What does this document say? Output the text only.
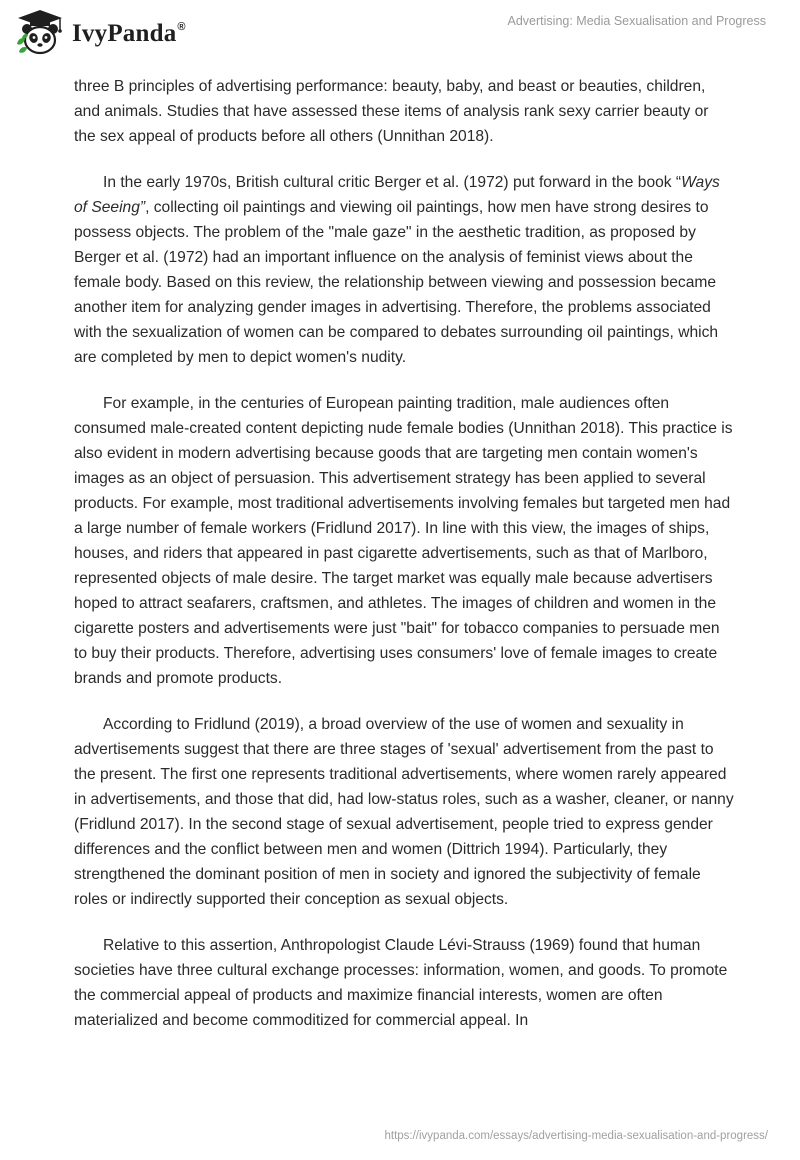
IvyPanda®	Advertising: Media Sexualisation and Progress

three B principles of advertising performance: beauty, baby, and beast or beauties, children, and animals. Studies that have assessed these items of analysis rank sexy carrier beauty or the sex appeal of products before all others (Unnithan 2018).

In the early 1970s, British cultural critic Berger et al. (1972) put forward in the book “Ways of Seeing”, collecting oil paintings and viewing oil paintings, how men have strong desires to possess objects. The problem of the "male gaze" in the aesthetic tradition, as proposed by Berger et al. (1972) had an important influence on the analysis of feminist views about the female body. Based on this review, the relationship between viewing and possession became another item for analyzing gender images in advertising. Therefore, the problems associated with the sexualization of women can be compared to debates surrounding oil paintings, which are completed by men to depict women's nudity.

For example, in the centuries of European painting tradition, male audiences often consumed male-created content depicting nude female bodies (Unnithan 2018). This practice is also evident in modern advertising because goods that are targeting men contain women's images as an object of persuasion. This advertisement strategy has been applied to several products. For example, most traditional advertisements involving females but targeted men had a large number of female workers (Fridlund 2017). In line with this view, the images of ships, houses, and riders that appeared in past cigarette advertisements, such as that of Marlboro, represented objects of male desire. The target market was equally male because advertisers hoped to attract seafarers, craftsmen, and athletes. The images of children and women in the cigarette posters and advertisements were just "bait" for tobacco companies to persuade men to buy their products. Therefore, advertising uses consumers' love of female images to create brands and promote products.

According to Fridlund (2019), a broad overview of the use of women and sexuality in advertisements suggest that there are three stages of 'sexual' advertisement from the past to the present. The first one represents traditional advertisements, where women rarely appeared in advertisements, and those that did, had low-status roles, such as a washer, cleaner, or nanny (Fridlund 2017). In the second stage of sexual advertisement, people tried to express gender differences and the conflict between men and women (Dittrich 1994). Particularly, they strengthened the dominant position of men in society and ignored the subjectivity of female roles or indirectly supported their conception as sexual objects.

Relative to this assertion, Anthropologist Claude Lévi-Strauss (1969) found that human societies have three cultural exchange processes: information, women, and goods. To promote the commercial appeal of products and maximize financial interests, women are often materialized and become commoditized for commercial appeal. In

https://ivypanda.com/essays/advertising-media-sexualisation-and-progress/
